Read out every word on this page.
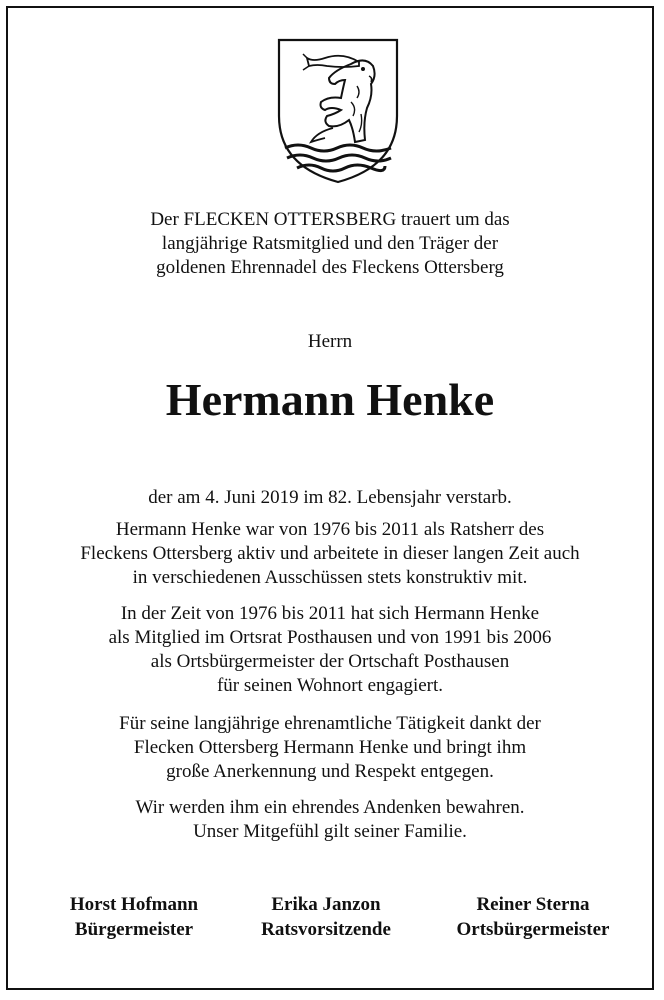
Der FLECKEN OTTERSBERG trauert um das
langjährige Ratsmitglied und den Träger der
goldenen Ehrennadel des Fleckens Ottersberg
Herrn
Hermann Henke
der am 4. Juni 2019 im 82. Lebensjahr verstarb.
Hermann Henke war von 1976 bis 2011 als Ratsherr des
Fleckens Ottersberg aktiv und arbeitete in dieser langen Zeit auch
in verschiedenen Ausschüssen stets konstruktiv mit.
In der Zeit von 1976 bis 2011 hat sich Hermann Henke
als Mitglied im Ortsrat Posthausen und von 1991 bis 2006
als Ortsbürgermeister der Ortschaft Posthausen
für seinen Wohnort engagiert.
Für seine langjährige ehrenamtliche Tätigkeit dankt der
Flecken Ottersberg Hermann Henke und bringt ihm
große Anerkennung und Respekt entgegen.
Wir werden ihm ein ehrendes Andenken bewahren.
Unser Mitgefühl gilt seiner Familie.
Horst Hofmann
Bürgermeister
Erika Janzon
Ratsvorsitzende
Reiner Sterna
Ortsbürgermeister
